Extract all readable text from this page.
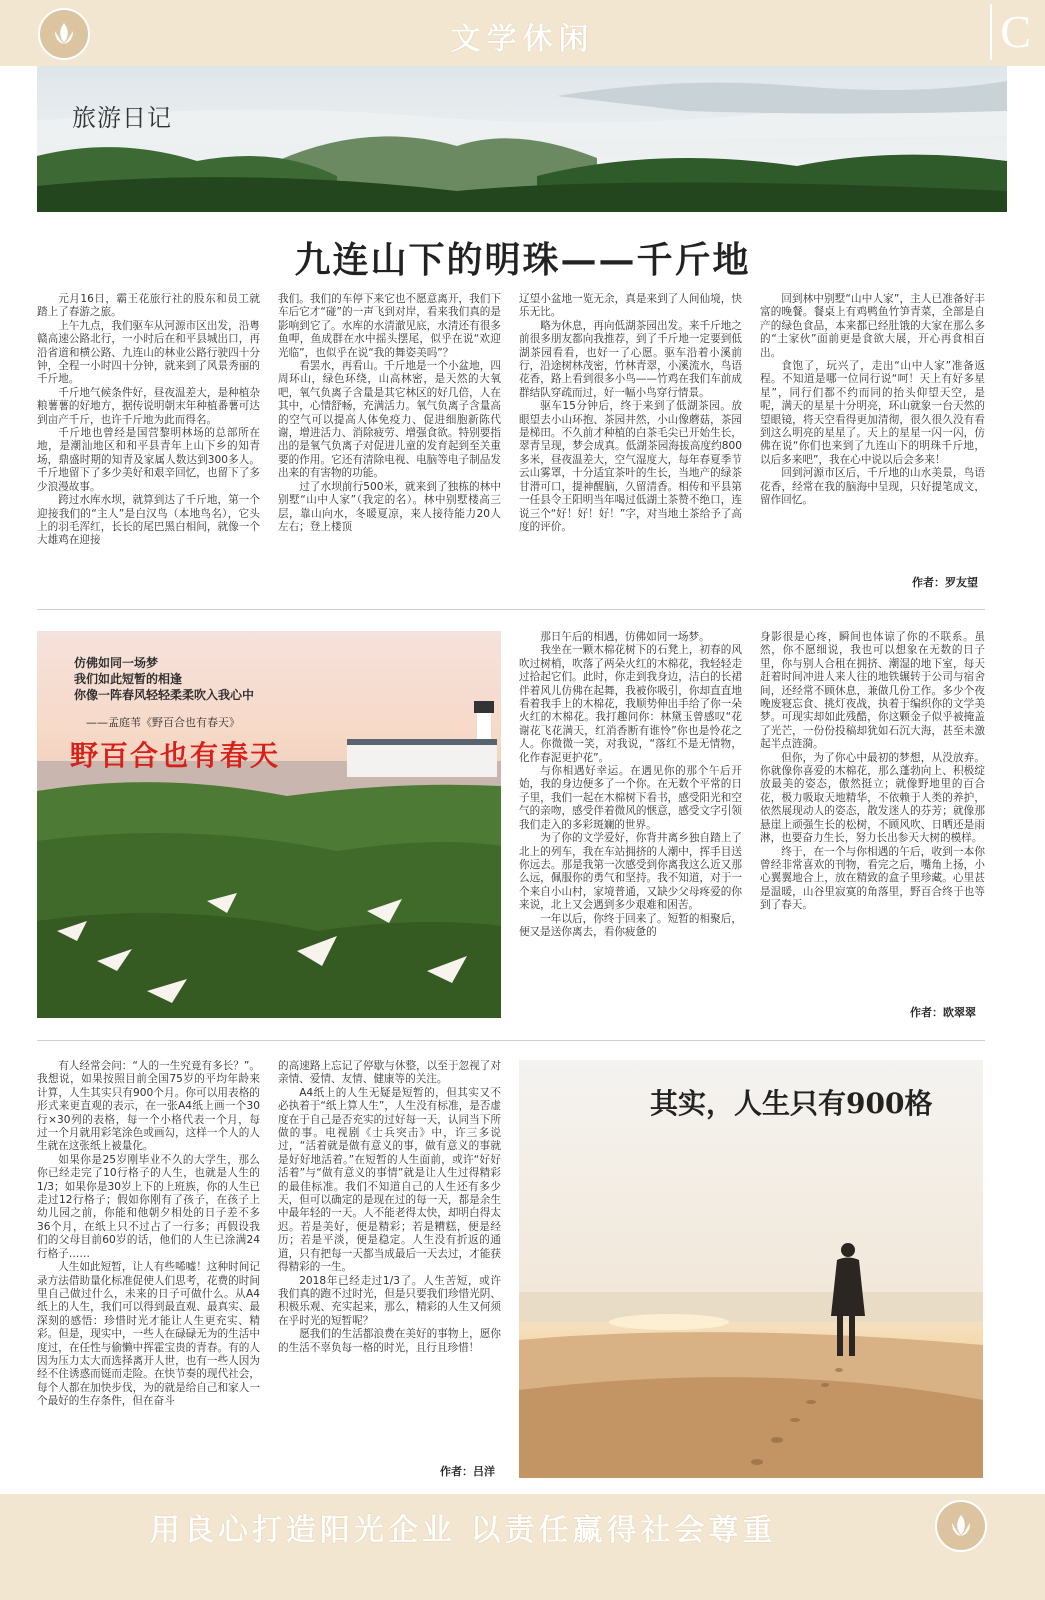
文学休闲	C
旅游日记
九连山下的明珠——千斤地

元月16日，霸王花旅行社的股东和员工就踏上了春游之旅。

上午九点，我们驱车从河源市区出发，沿粤赣高速公路北行，一小时后在和平县城出口，再沿省道和横公路、九连山的林业公路行驶四十分钟，全程一小时四十分钟，就来到了风景秀丽的千斤地。

千斤地气候条件好，昼夜温差大，是种植杂粮薯薯的好地方，据传说明朝末年种植番薯可达到亩产千斤，也许千斤地为此而得名。

千斤地也曾经是国营黎明林场的总部所在地，是潮汕地区和和平县青年上山下乡的知青场，鼎盛时期的知青及家属人数达到300多人。千斤地留下了多少美好和艰辛回忆，也留下了多少浪漫故事。

跨过水库水坝，就算到达了千斤地，第一个迎接我们的“主人”是白汉鸟（本地鸟名），它头上的羽毛浑红，长长的尾巴黑白相间，就像一个大雄鸡在迎接

我们。我们的车停下来它也不愿意离开，我们下车后它才“碰”的一声飞到对岸，看来我们真的是影响到它了。水库的水清澈见底，水清还有很多鱼呷，鱼成群在水中摇头摆尾，似乎在说“欢迎光临”，也似乎在说“我的舞姿美吗”？

看罢水，再看山。千斤地是一个小盆地，四周环山，绿色环绕，山高林密，是天然的大氧吧，氧气负离子含量是其它林区的好几倍，人在其中，心情舒畅，充满活力。氧气负离子含量高的空气可以提高人体免疫力、促进细胞新陈代谢，增进活力、消除疲劳、增强食欲。特别要指出的是氧气负离子对促进儿童的发育起到至关重要的作用。它还有清除电视、电脑等电子制品发出来的有害物的功能。

过了水坝前行500米，就来到了独栋的林中别墅“山中人家”（我定的名）。林中别墅楼高三层，靠山向水，冬暖夏凉，来人接待能力20人左右；登上楼顶

辽望小盆地一览无余，真是来到了人间仙境，快乐无比。

略为休息，再向低湖茶园出发。来千斤地之前很多朋友都向我推荐，到了千斤地一定要到低湖茶园看看，也好一了心愿。驱车沿着小溪前行，沿途树林茂密，竹林青翠，小溪流水，鸟语花香，路上看到很多小鸟——竹鸡在我们车前成群结队穿疏而过，好一幅小鸟穿行情景。

驱车15分钟后，终于来到了低湖茶园。放眼望去小山环抱、茶园井然，小山像蘑菇，茶园是梯田。不久前才种植的白茶毛尖已开始生长，翠青呈现，梦会成真。低湖茶园海拔高度约800多米，昼夜温差大，空气湿度大，每年春夏季节云山雾罩，十分适宜茶叶的生长，当地产的绿茶甘滑可口，提神醒脑，久留清香。相传和平县第一任县令王阳明当年喝过低湖土茶赞不绝口，连说三个“好！好！好！”字，对当地土茶给予了高度的评价。

回到林中别墅“山中人家”，主人已准备好丰富的晚餐。餐桌上有鸡鸭鱼竹笋青菜，全部是自产的绿色食品，本来都已经肚饿的大家在那么多的“土家伙”面前更是食欲大展，开心再食相百出。

食饱了，玩兴了，走出“山中人家”准备返程。不知道是哪一位同行说“呵！天上有好多星星”，同行们都不约而同的抬头仰望天空，是呢，满天的星星十分明亮，环山就象一台天然的望眼镜，将天空看得更加清彻，很久很久没有看到这么明亮的星星了。天上的星星一闪一闪，仿佛在说“你们也来到了九连山下的明珠千斤地，以后多来吧”，我在心中说以后会多来！

回到河源市区后，千斤地的山水美景，鸟语花香，经常在我的脑海中呈现，只好提笔成文，留作回忆。

作者：罗友望
仿佛如同一场梦
我们如此短暂的相逢
你像一阵春风轻轻柔柔吹入我心中
——孟庭苇《野百合也有春天》
野百合也有春天

那日午后的相遇，仿佛如同一场梦。

我坐在一颗木棉花树下的石凳上，初春的风吹过树梢，吹落了两朵火红的木棉花，我轻轻走过拾起它们。此时，你走到我身边，洁白的长裙伴着风儿仿佛在起舞，我被你吸引，你却直直地看着我手上的木棉花，我顺势伸出手给了你一朵火红的木棉花。我打趣问你：林黛玉曾感叹“花谢花飞花满天，红消香断有谁怜”你也是怜花之人。你微微一笑，对我说，“落红不是无情物，化作春泥更护花”。

与你相遇好幸运。在遇见你的那个午后开始，我的身边便多了一个你。在无数个平常的日子里，我们一起在木棉树下看书，感受阳光和空气的亲吻，感受伴着微风的惬意，感受文字引领我们走入的多彩斑斓的世界。

为了你的文学爱好，你背井离乡独自踏上了北上的列车，我在车站拥挤的人潮中，挥手目送你远去。那是我第一次感受到你离我这么近又那么远，佩服你的勇气和坚持。我不知道，对于一个来自小山村，家境普通，又缺少父母疼爱的你来说，北上又会遇到多少艰难和困苦。

一年以后，你终于回来了。短暂的相聚后，便又是送你离去，看你疲惫的

身影很是心疼，瞬间也体谅了你的不联系。虽然，你不愿细说，我也可以想象在无数的日子里，你与别人合租在拥挤、潮湿的地下室，每天赶着时间冲进人来人往的地铁辗转于公司与宿舍间，还经常不顾休息，兼做几份工作。多少个夜晚废寝忘食、挑灯夜战，执着于编织你的文学美梦。可现实却如此残酷，你这颗金子似乎被掩盖了光芒，一份份投稿却犹如石沉大海，甚至未激起半点涟漪。

但你，为了你心中最初的梦想，从没放弃。你就像你喜爱的木棉花，那么蓬勃向上、积极绽放最美的姿态，傲然挺立；就像野地里的百合花，极力吸取天地精华，不依赖于人类的养护，依然展现动人的姿态，散发迷人的芬芳；就像那悬崖上顽强生长的松树，不顾风吹、日晒还是雨淋，也要奋力生长，努力长出参天大树的模样。

终于，在一个与你相遇的午后，收到一本你曾经非常喜欢的刊物，看完之后，嘴角上扬，小心翼翼地合上，放在精致的盒子里珍藏。心里甚是温暖，山谷里寂寞的角落里，野百合终于也等到了春天。

作者：欧翠翠

有人经常会问：“人的一生究竟有多长？”。我想说，如果按照目前全国75岁的平均年龄来计算，人生其实只有900个月。你可以用表格的形式来更直观的表示，在一张A4纸上画一个30行×30列的表格，每一个小格代表一个月，每过一个月就用彩笔涂色或画勾，这样一个人的人生就在这张纸上被量化。

如果你是25岁刚毕业不久的大学生，那么你已经走完了10行格子的人生，也就是人生的1/3；如果你是30岁上下的上班族，你的人生已走过12行格子；假如你刚有了孩子，在孩子上幼儿园之前，你能和他朝夕相处的日子差不多36个月，在纸上只不过占了一行多；再假设我们的父母目前60岁的话，他们的人生已涂满24行格子……

人生如此短暂，让人有些唏嘘！这种时间记录方法借助量化标准促使人们思考，花费的时间里自己做过什么，未来的日子可做什么。从A4纸上的人生，我们可以得到最直观、最真实、最深刻的感悟：珍惜时光才能让人生更充实、精彩。但是，现实中，一些人在碌碌无为的生活中度过，在任性与偷懒中挥霍宝贵的青春。有的人因为压力太大而选择离开人世，也有一些人因为经不住诱惑而铤而走险。在快节奏的现代社会，每个人都在加快步伐，为的就是给自己和家人一个最好的生存条件，但在奋斗

的高速路上忘记了停歇与休整，以至于忽视了对亲情、爱情、友情、健康等的关注。

A4纸上的人生无疑是短暂的，但其实又不必执着于“纸上算人生”，人生没有标准，是否虚度在于自己是否充实的过好每一天，认同当下所做的事。电视剧《士兵突击》中，许三多说过，“活着就是做有意义的事，做有意义的事就是好好地活着。”在短暂的人生面前，或许“好好活着”与“做有意义的事情”就是让人生过得精彩的最佳标准。我们不知道自己的人生还有多少天，但可以确定的是现在过的每一天，都是余生中最年轻的一天。人不能老得太快，却明白得太迟。若是美好，便是精彩；若是糟糕，便是经历；若是平淡，便是稳定。人生没有折返的通道，只有把每一天都当成最后一天去过，才能获得精彩的一生。

2018年已经走过1/3了。人生苦短，或许我们真的跑不过时光，但是只要我们珍惜光阴、积极乐观、充实起来，那么，精彩的人生又何须在乎时光的短暂呢？

愿我们的生活都浪费在美好的事物上，愿你的生活不辜负每一格的时光，且行且珍惜！

作者：吕洋
其实，人生只有900格
用良心打造阳光企业 以责任赢得社会尊重
